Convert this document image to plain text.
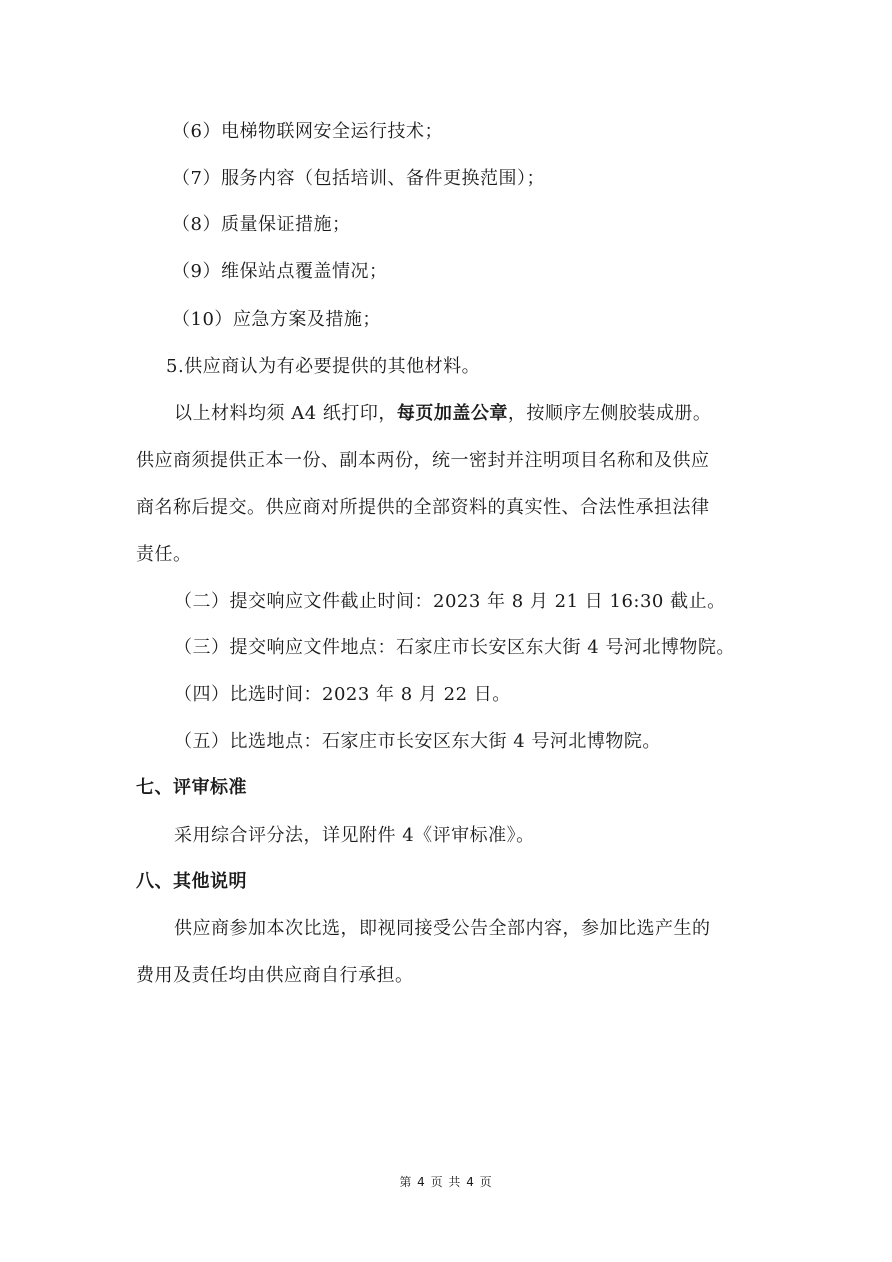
（6）电梯物联网安全运行技术；
（7）服务内容（包括培训、备件更换范围）；
（8）质量保证措施；
（9）维保站点覆盖情况；
（10）应急方案及措施；
5.供应商认为有必要提供的其他材料。
以上材料均须 A4 纸打印，每页加盖公章，按顺序左侧胶装成册。
供应商须提供正本一份、副本两份，统一密封并注明项目名称和及供应
商名称后提交。供应商对所提供的全部资料的真实性、合法性承担法律
责任。
（二）提交响应文件截止时间：2023 年 8 月 21 日 16:30 截止。
（三）提交响应文件地点：石家庄市长安区东大街 4 号河北博物院。
（四）比选时间：2023 年 8 月 22 日。
（五）比选地点：石家庄市长安区东大街 4 号河北博物院。
七、评审标准
采用综合评分法，详见附件 4《评审标准》。
八、其他说明
供应商参加本次比选，即视同接受公告全部内容，参加比选产生的
费用及责任均由供应商自行承担。
第 4 页 共 4 页
